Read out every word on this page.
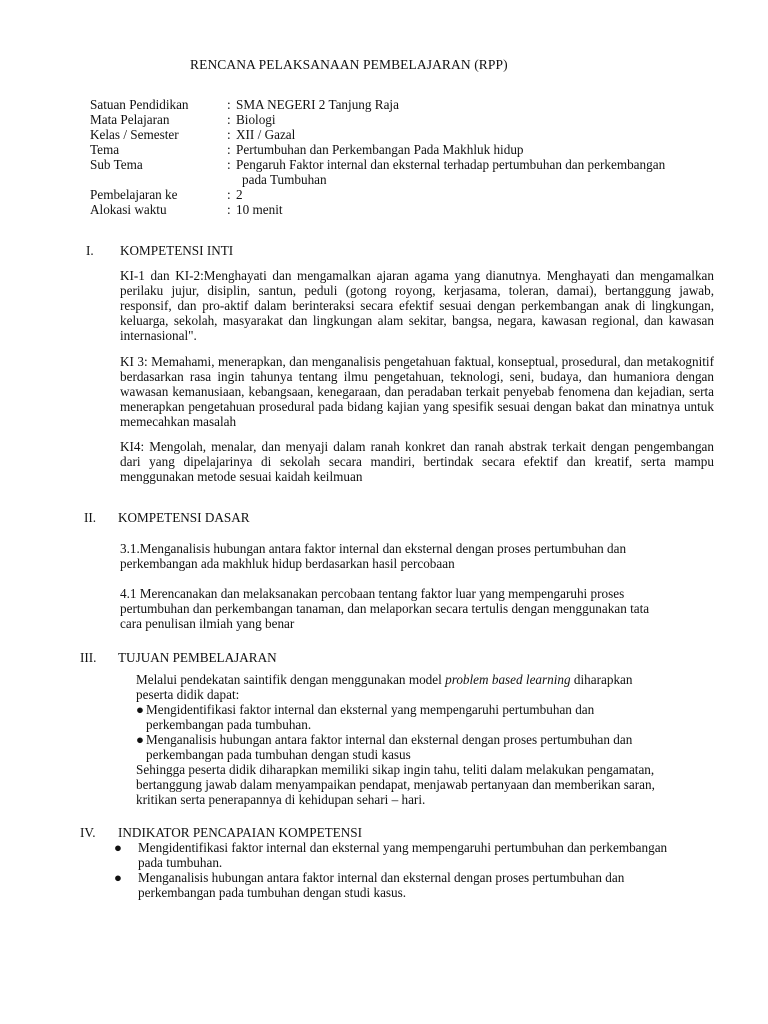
RENCANA PELAKSANAAN PEMBELAJARAN (RPP)
Satuan Pendidikan	: SMA NEGERI 2 Tanjung Raja
Mata Pelajaran	: Biologi
Kelas / Semester	: XII / Gazal
Tema	: Pertumbuhan dan Perkembangan Pada Makhluk hidup
Sub Tema	: Pengaruh Faktor internal dan eksternal terhadap pertumbuhan dan perkembangan
pada Tumbuhan
Pembelajaran ke	: 2
Alokasi waktu	: 10 menit
I. KOMPETENSI INTI
KI-1 dan KI-2:Menghayati dan mengamalkan ajaran agama yang dianutnya. Menghayati dan mengamalkan perilaku jujur, disiplin, santun, peduli (gotong royong, kerjasama, toleran, damai), bertanggung jawab, responsif, dan pro-aktif dalam berinteraksi secara efektif sesuai dengan perkembangan anak di lingkungan, keluarga, sekolah, masyarakat dan lingkungan alam sekitar, bangsa, negara, kawasan regional, dan kawasan internasional".
KI 3: Memahami, menerapkan, dan menganalisis pengetahuan faktual, konseptual, prosedural, dan metakognitif berdasarkan rasa ingin tahunya tentang ilmu pengetahuan, teknologi, seni, budaya, dan humaniora dengan wawasan kemanusiaan, kebangsaan, kenegaraan, dan peradaban terkait penyebab fenomena dan kejadian, serta menerapkan pengetahuan prosedural pada bidang kajian yang spesifik sesuai dengan bakat dan minatnya untuk memecahkan masalah
KI4: Mengolah, menalar, dan menyaji dalam ranah konkret dan ranah abstrak terkait dengan pengembangan dari yang dipelajarinya di sekolah secara mandiri, bertindak secara efektif dan kreatif, serta mampu menggunakan metode sesuai kaidah keilmuan
II. KOMPETENSI DASAR
3.1.Menganalisis hubungan antara faktor internal dan eksternal dengan proses pertumbuhan dan
perkembangan ada makhluk hidup berdasarkan hasil percobaan
4.1 Merencanakan dan melaksanakan percobaan tentang faktor luar yang mempengaruhi proses
pertumbuhan dan perkembangan tanaman, dan melaporkan secara tertulis dengan menggunakan tata
cara penulisan ilmiah yang benar
III. TUJUAN PEMBELAJARAN
Melalui pendekatan saintifik dengan menggunakan model problem based learning diharapkan
peserta didik dapat:
● Mengidentifikasi faktor internal dan eksternal yang mempengaruhi pertumbuhan dan
perkembangan pada tumbuhan.
● Menganalisis hubungan antara faktor internal dan eksternal dengan proses pertumbuhan dan
perkembangan pada tumbuhan dengan studi kasus
Sehingga peserta didik diharapkan memiliki sikap ingin tahu, teliti dalam melakukan pengamatan,
bertanggung jawab dalam menyampaikan pendapat, menjawab pertanyaan dan memberikan saran,
kritikan serta penerapannya di kehidupan sehari – hari.
IV. INDIKATOR PENCAPAIAN KOMPETENSI
●	Mengidentifikasi faktor internal dan eksternal yang mempengaruhi pertumbuhan dan perkembangan
pada tumbuhan.
●	Menganalisis hubungan antara faktor internal dan eksternal dengan proses pertumbuhan dan
perkembangan pada tumbuhan dengan studi kasus.
